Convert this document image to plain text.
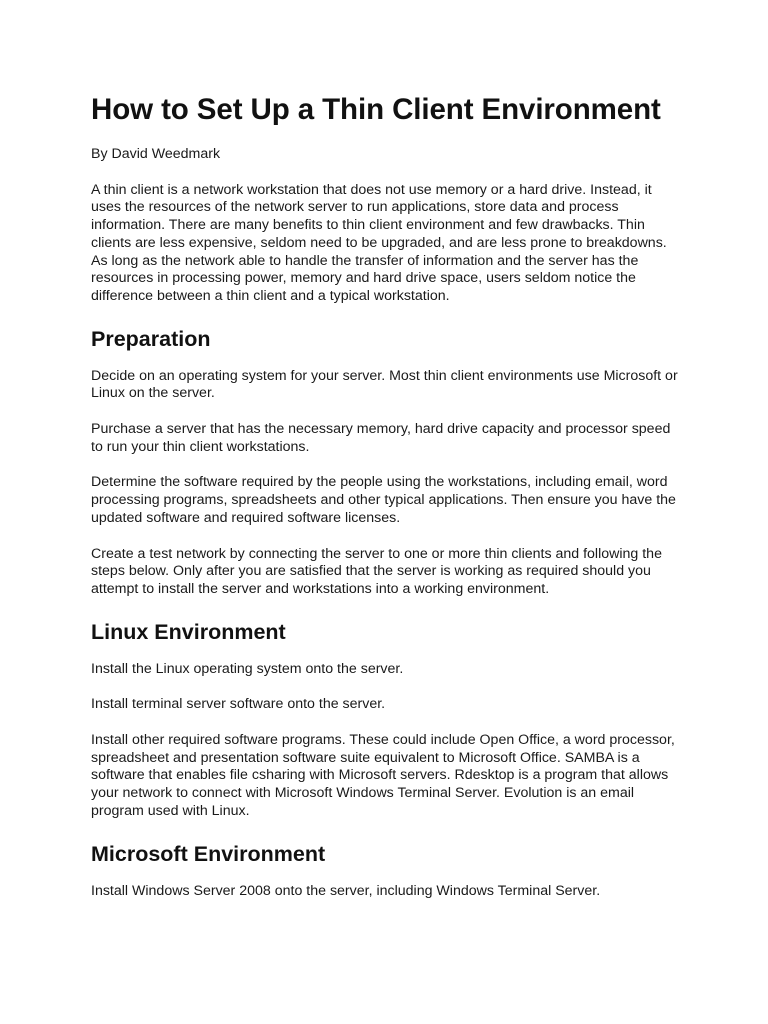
How to Set Up a Thin Client Environment

By David Weedmark

A thin client is a network workstation that does not use memory or a hard drive. Instead, it uses the resources of the network server to run applications, store data and process information. There are many benefits to thin client environment and few drawbacks. Thin clients are less expensive, seldom need to be upgraded, and are less prone to breakdowns. As long as the network able to handle the transfer of information and the server has the resources in processing power, memory and hard drive space, users seldom notice the difference between a thin client and a typical workstation.

Preparation

Decide on an operating system for your server. Most thin client environments use Microsoft or Linux on the server.

Purchase a server that has the necessary memory, hard drive capacity and processor speed to run your thin client workstations.

Determine the software required by the people using the workstations, including email, word processing programs, spreadsheets and other typical applications. Then ensure you have the updated software and required software licenses.

Create a test network by connecting the server to one or more thin clients and following the steps below. Only after you are satisfied that the server is working as required should you attempt to install the server and workstations into a working environment.

Linux Environment

Install the Linux operating system onto the server.

Install terminal server software onto the server.

Install other required software programs. These could include Open Office, a word processor, spreadsheet and presentation software suite equivalent to Microsoft Office. SAMBA is a software that enables file csharing with Microsoft servers. Rdesktop is a program that allows your network to connect with Microsoft Windows Terminal Server. Evolution is an email program used with Linux.

Microsoft Environment

Install Windows Server 2008 onto the server, including Windows Terminal Server.
